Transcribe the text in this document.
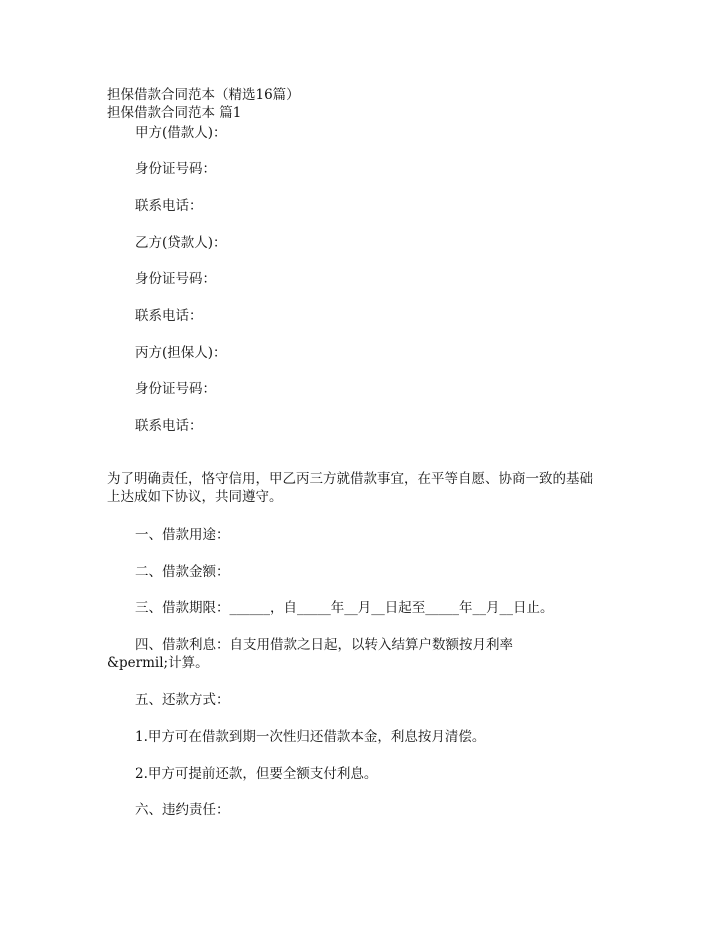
担保借款合同范本（精选16篇）
担保借款合同范本 篇1
甲方(借款人)：
身份证号码：
联系电话：
乙方(贷款人)：
身份证号码：
联系电话：
丙方(担保人)：
身份证号码：
联系电话：
为了明确责任，恪守信用，甲乙丙三方就借款事宜，在平等自愿、协商一致的基础
上达成如下协议，共同遵守。
一、借款用途：
二、借款金额：
三、借款期限：______，自_____年__月__日起至_____年__月__日止。
四、借款利息：自支用借款之日起，以转入结算户数额按月利率
&permil;计算。
五、还款方式：
1.甲方可在借款到期一次性归还借款本金，利息按月清偿。
2.甲方可提前还款，但要全额支付利息。
六、违约责任：
